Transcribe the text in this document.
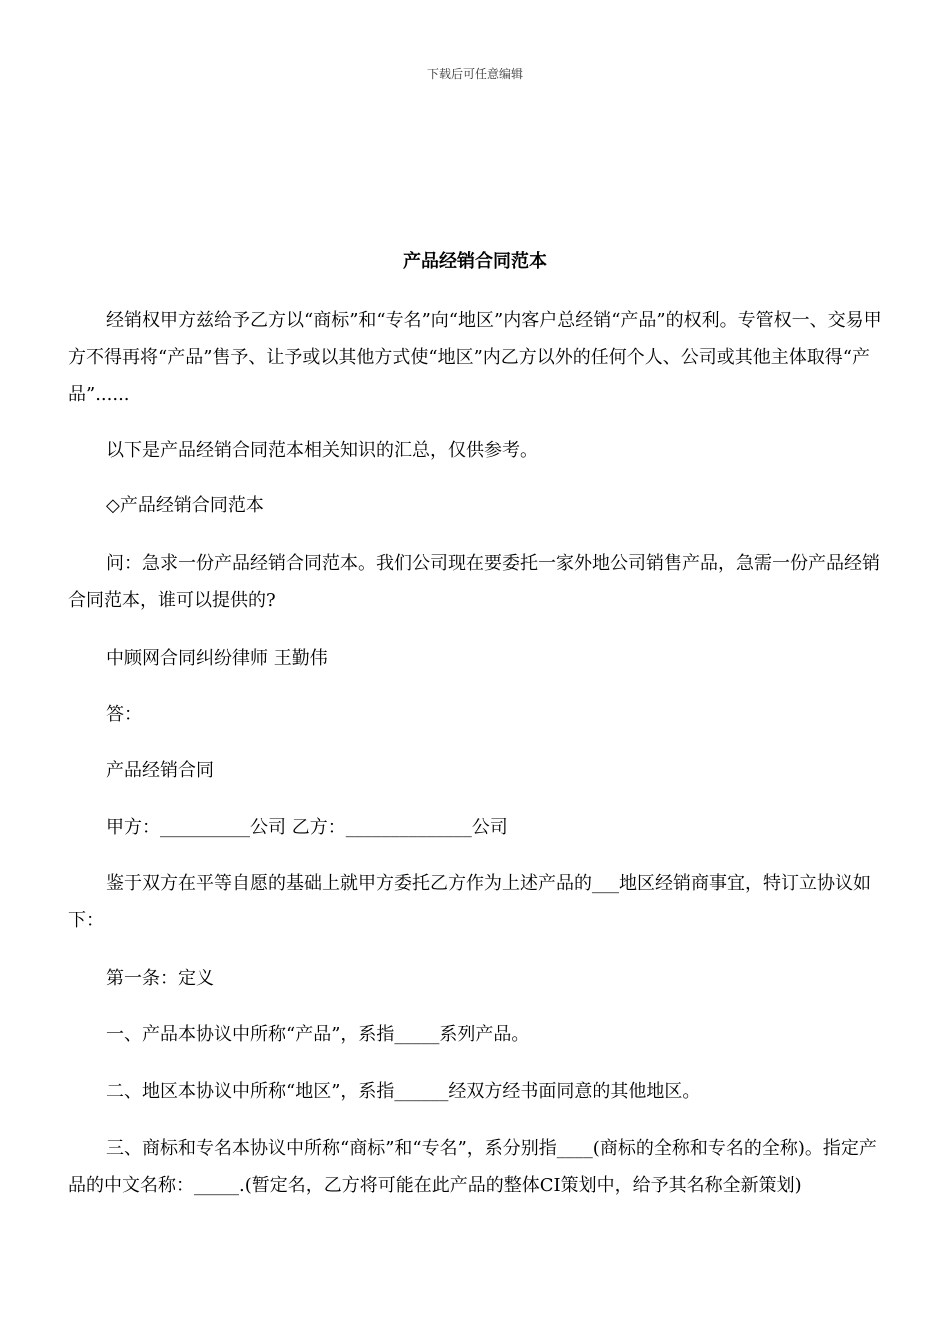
下载后可任意编辑
产品经销合同范本

经销权甲方兹给予乙方以“商标”和“专名”向“地区”内客户总经销“产品”的权利。专管权一、交易甲方不得再将“产品”售予、让予或以其他方式使“地区”内乙方以外的任何个人、公司或其他主体取得“产品”......

以下是产品经销合同范本相关知识的汇总，仅供参考。

◇产品经销合同范本

问：急求一份产品经销合同范本。我们公司现在要委托一家外地公司销售产品，急需一份产品经销合同范本，谁可以提供的?

中顾网合同纠纷律师 王勤伟

答：

产品经销合同

甲方：__________公司 乙方：______________公司

鉴于双方在平等自愿的基础上就甲方委托乙方作为上述产品的___地区经销商事宜，特订立协议如下：

第一条：定义

一、产品本协议中所称“产品”，系指_____系列产品。

二、地区本协议中所称“地区”，系指______经双方经书面同意的其他地区。

三、商标和专名本协议中所称“商标”和“专名”，系分别指____(商标的全称和专名的全称)。指定产品的中文名称：_____.(暂定名，乙方将可能在此产品的整体CI策划中，给予其名称全新策划)
